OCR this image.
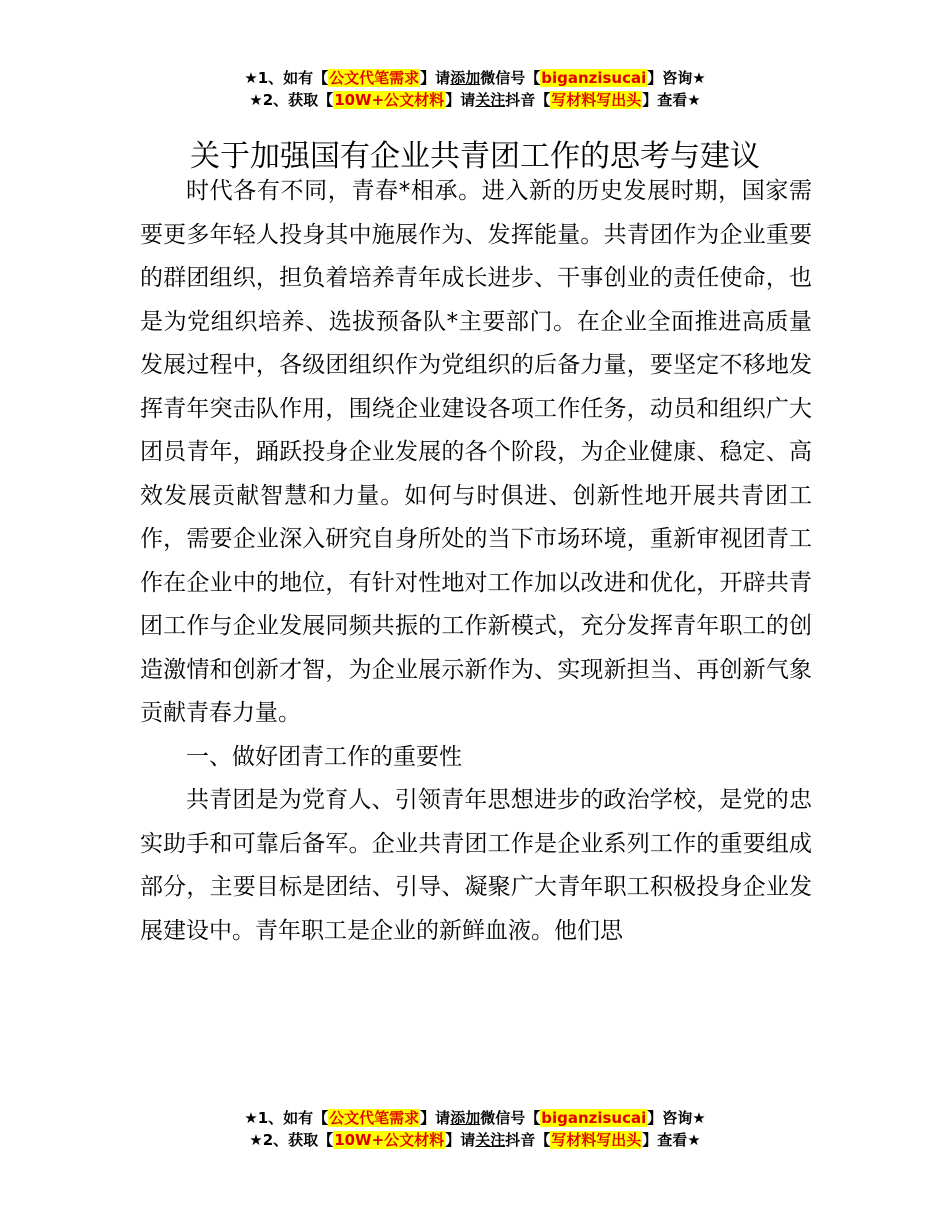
★1、如有【公文代笔需求】请添加微信号【biganzisucai】咨询★
★2、获取【10W+公文材料】请关注抖音【写材料写出头】查看★
关于加强国有企业共青团工作的思考与建议

时代各有不同，青春*相承。进入新的历史发展时期，国家需要更多年轻人投身其中施展作为、发挥能量。共青团作为企业重要的群团组织，担负着培养青年成长进步、干事创业的责任使命，也是为党组织培养、选拔预备队*主要部门。在企业全面推进高质量发展过程中，各级团组织作为党组织的后备力量，要坚定不移地发挥青年突击队作用，围绕企业建设各项工作任务，动员和组织广大团员青年，踊跃投身企业发展的各个阶段，为企业健康、稳定、高效发展贡献智慧和力量。如何与时俱进、创新性地开展共青团工作，需要企业深入研究自身所处的当下市场环境，重新审视团青工作在企业中的地位，有针对性地对工作加以改进和优化，开辟共青团工作与企业发展同频共振的工作新模式，充分发挥青年职工的创造激情和创新才智，为企业展示新作为、实现新担当、再创新气象贡献青春力量。

一、做好团青工作的重要性

共青团是为党育人、引领青年思想进步的政治学校，是党的忠实助手和可靠后备军。企业共青团工作是企业系列工作的重要组成部分，主要目标是团结、引导、凝聚广大青年职工积极投身企业发展建设中。青年职工是企业的新鲜血液。他们思

★1、如有【公文代笔需求】请添加微信号【biganzisucai】咨询★
★2、获取【10W+公文材料】请关注抖音【写材料写出头】查看★
